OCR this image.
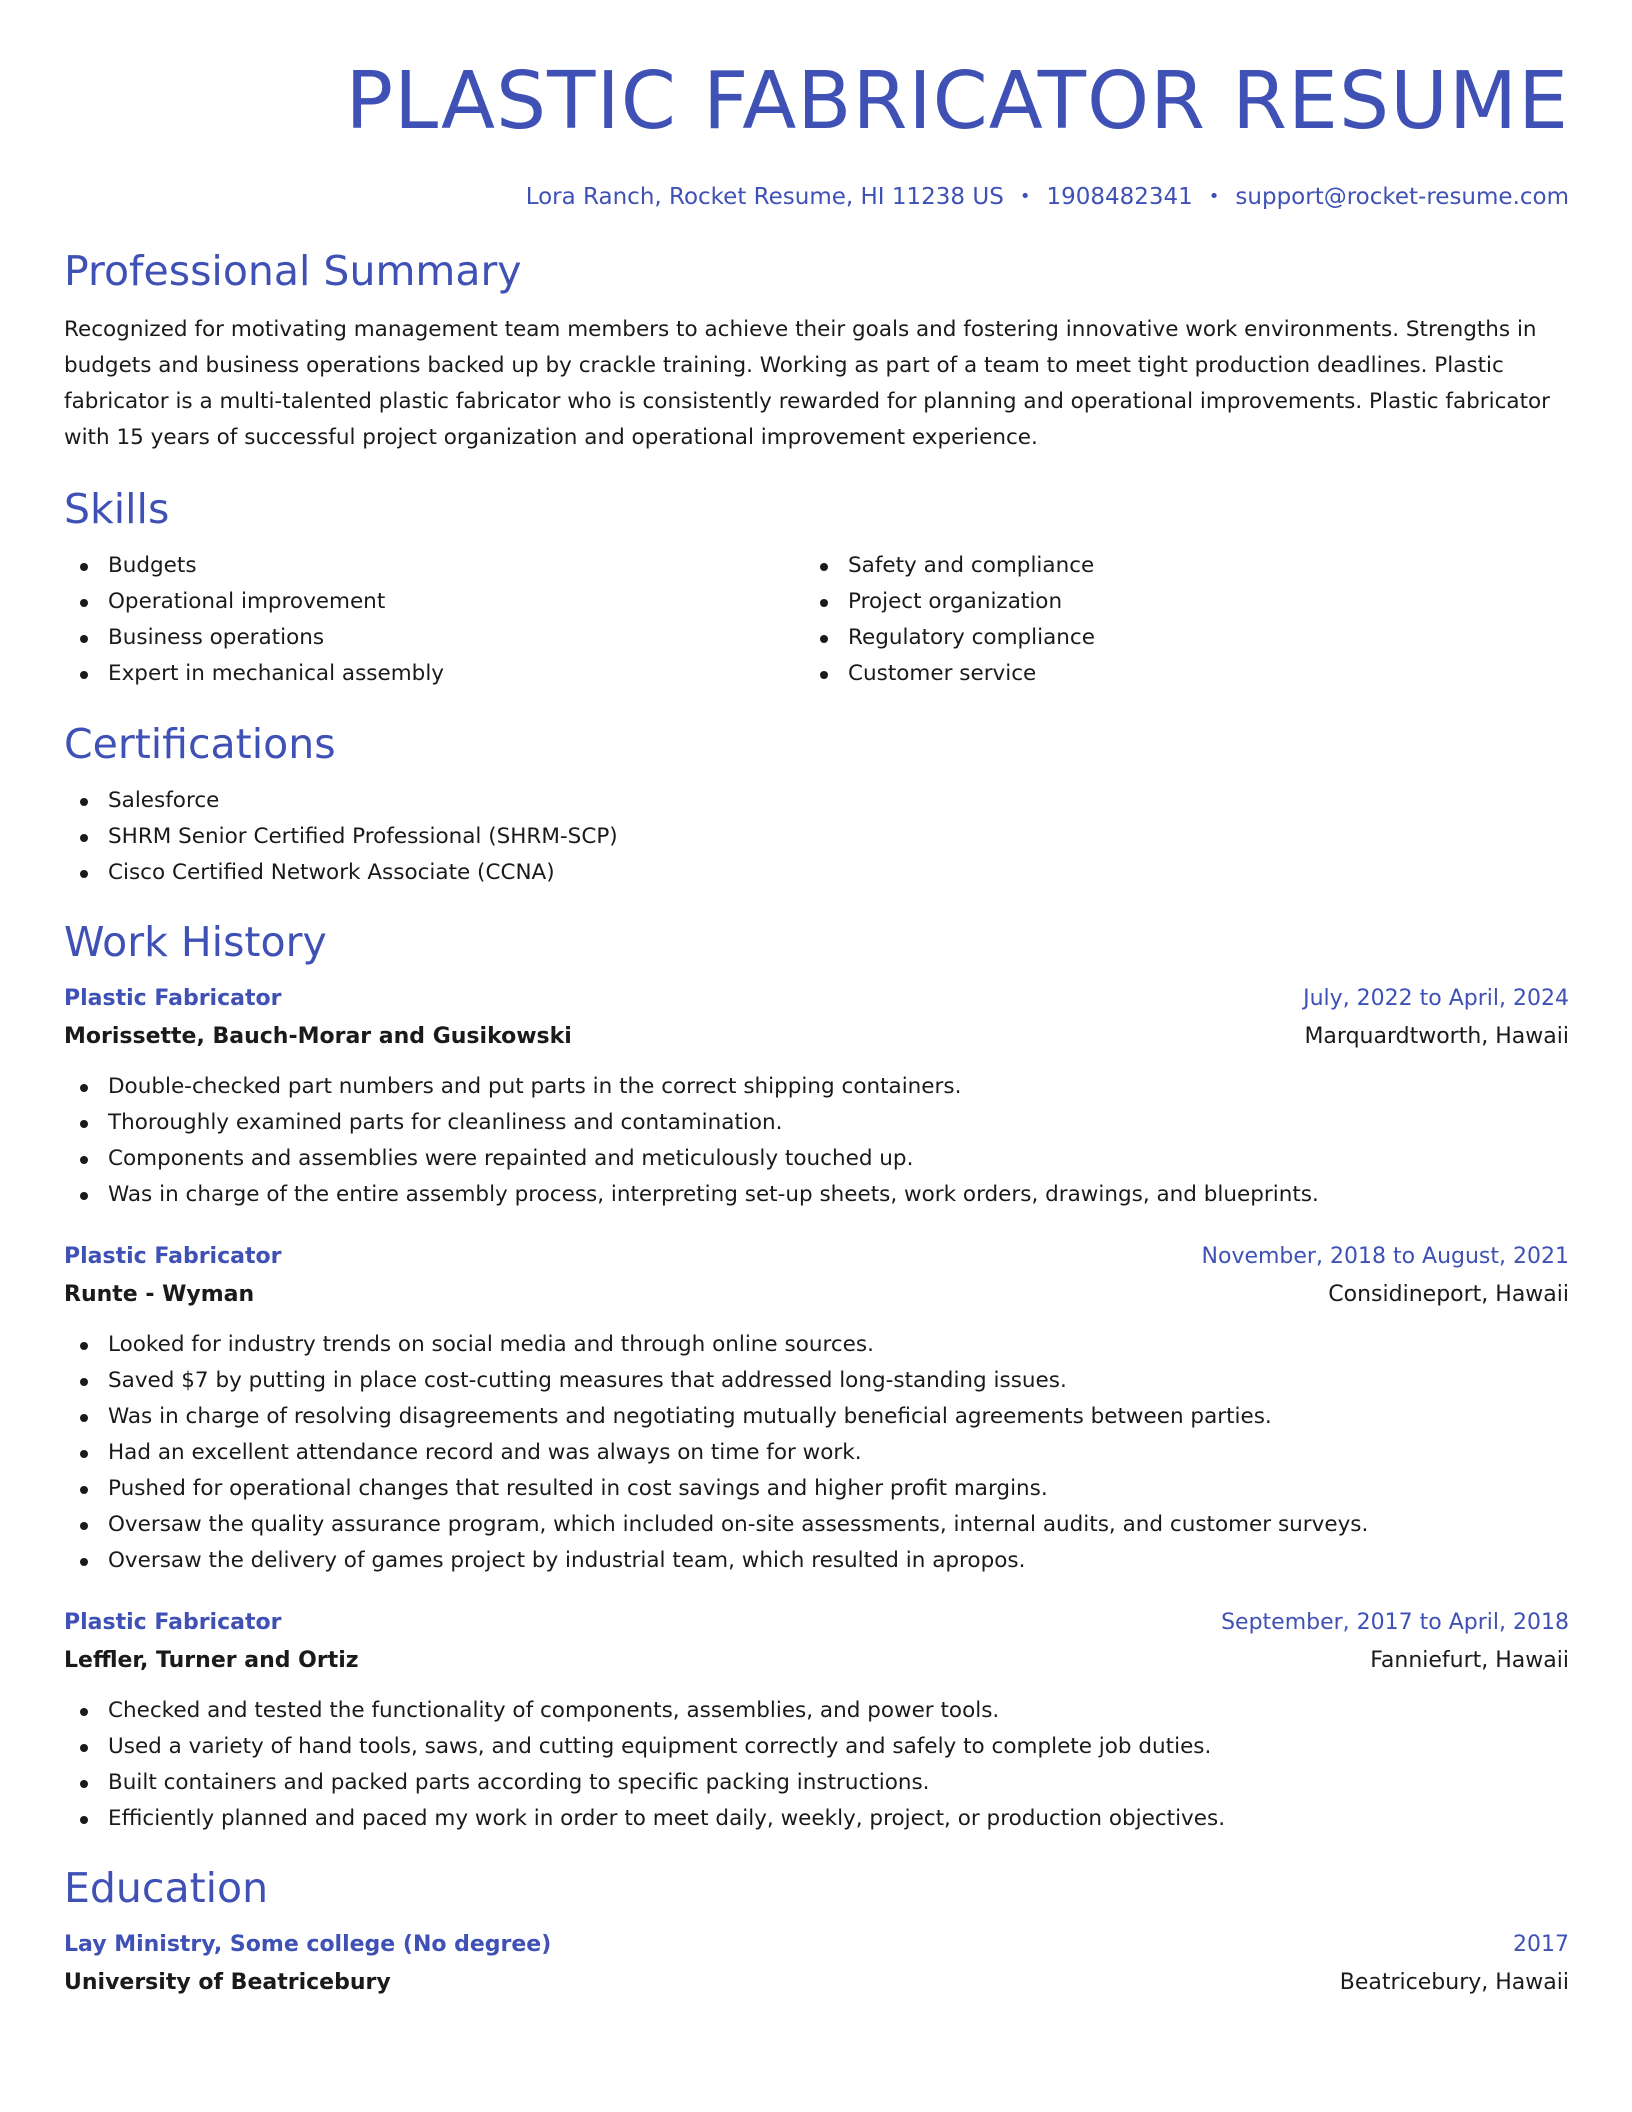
PLASTIC FABRICATOR RESUME
Lora Ranch, Rocket Resume, HI 11238 US • 1908482341 • support@rocket-resume.com
Professional Summary

Recognized for motivating management team members to achieve their goals and fostering innovative work environments. Strengths in budgets and business operations backed up by crackle training. Working as part of a team to meet tight production deadlines. Plastic fabricator is a multi-talented plastic fabricator who is consistently rewarded for planning and operational improvements. Plastic fabricator with 15 years of successful project organization and operational improvement experience.

Skills
Budgets
Operational improvement
Business operations
Expert in mechanical assembly
Safety and compliance
Project organization
Regulatory compliance
Customer service
Certifications
Salesforce
SHRM Senior Certified Professional (SHRM-SCP)
Cisco Certified Network Associate (CCNA)
Work History
Plastic Fabricator	July, 2022 to April, 2024
Morissette, Bauch-Morar and Gusikowski	Marquardtworth, Hawaii
Double-checked part numbers and put parts in the correct shipping containers.
Thoroughly examined parts for cleanliness and contamination.
Components and assemblies were repainted and meticulously touched up.
Was in charge of the entire assembly process, interpreting set-up sheets, work orders, drawings, and blueprints.
Plastic Fabricator	November, 2018 to August, 2021
Runte - Wyman	Considineport, Hawaii
Looked for industry trends on social media and through online sources.
Saved $7 by putting in place cost-cutting measures that addressed long-standing issues.
Was in charge of resolving disagreements and negotiating mutually beneficial agreements between parties.
Had an excellent attendance record and was always on time for work.
Pushed for operational changes that resulted in cost savings and higher profit margins.
Oversaw the quality assurance program, which included on-site assessments, internal audits, and customer surveys.
Oversaw the delivery of games project by industrial team, which resulted in apropos.
Plastic Fabricator	September, 2017 to April, 2018
Leffler, Turner and Ortiz	Fanniefurt, Hawaii
Checked and tested the functionality of components, assemblies, and power tools.
Used a variety of hand tools, saws, and cutting equipment correctly and safely to complete job duties.
Built containers and packed parts according to specific packing instructions.
Efficiently planned and paced my work in order to meet daily, weekly, project, or production objectives.
Education
Lay Ministry, Some college (No degree)	2017
University of Beatricebury	Beatricebury, Hawaii
